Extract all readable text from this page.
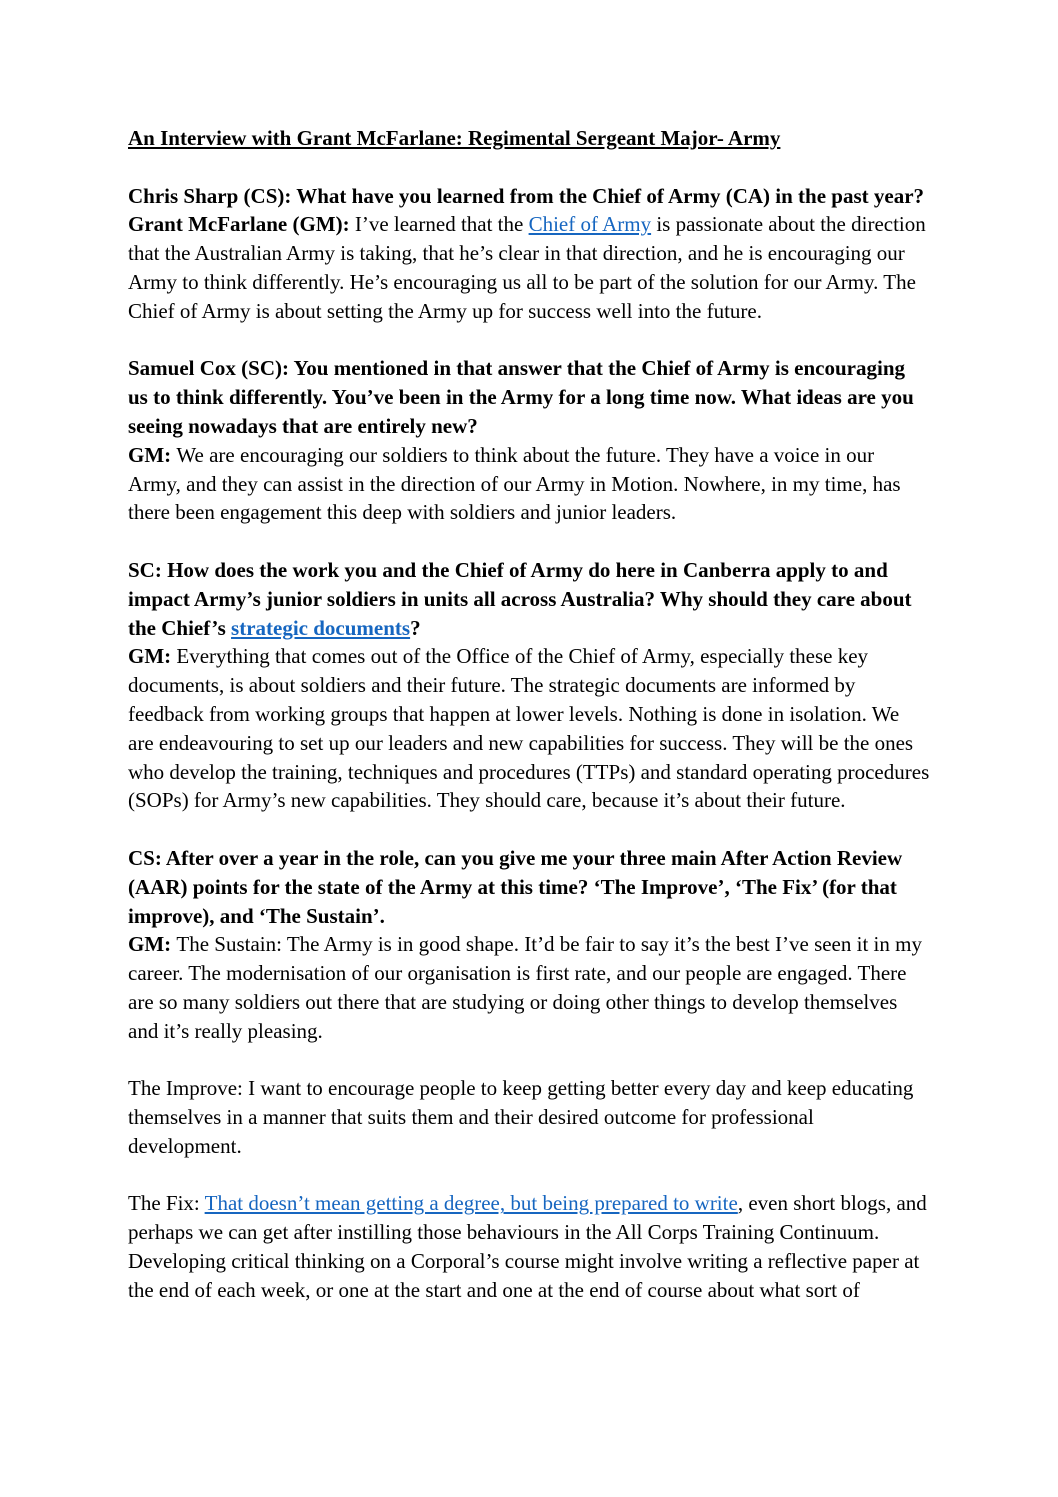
An Interview with Grant McFarlane: Regimental Sergeant Major- Army

Chris Sharp (CS): What have you learned from the Chief of Army (CA) in the past year?

Grant McFarlane (GM): I’ve learned that the Chief of Army is passionate about the direction that the Australian Army is taking, that he’s clear in that direction, and he is encouraging our Army to think differently. He’s encouraging us all to be part of the solution for our Army. The Chief of Army is about setting the Army up for success well into the future.

Samuel Cox (SC): You mentioned in that answer that the Chief of Army is encouraging us to think differently. You’ve been in the Army for a long time now. What ideas are you seeing nowadays that are entirely new?

GM: We are encouraging our soldiers to think about the future. They have a voice in our Army, and they can assist in the direction of our Army in Motion. Nowhere, in my time, has there been engagement this deep with soldiers and junior leaders.

SC: How does the work you and the Chief of Army do here in Canberra apply to and impact Army’s junior soldiers in units all across Australia? Why should they care about the Chief’s strategic documents?

GM: Everything that comes out of the Office of the Chief of Army, especially these key documents, is about soldiers and their future. The strategic documents are informed by feedback from working groups that happen at lower levels. Nothing is done in isolation. We are endeavouring to set up our leaders and new capabilities for success. They will be the ones who develop the training, techniques and procedures (TTPs) and standard operating procedures (SOPs) for Army’s new capabilities. They should care, because it’s about their future.

CS: After over a year in the role, can you give me your three main After Action Review (AAR) points for the state of the Army at this time? ‘The Improve’, ‘The Fix’ (for that improve), and ‘The Sustain’.

GM: The Sustain: The Army is in good shape. It’d be fair to say it’s the best I’ve seen it in my career. The modernisation of our organisation is first rate, and our people are engaged. There are so many soldiers out there that are studying or doing other things to develop themselves and it’s really pleasing.

The Improve: I want to encourage people to keep getting better every day and keep educating themselves in a manner that suits them and their desired outcome for professional development.

The Fix: That doesn’t mean getting a degree, but being prepared to write, even short blogs, and perhaps we can get after instilling those behaviours in the All Corps Training Continuum. Developing critical thinking on a Corporal’s course might involve writing a reflective paper at the end of each week, or one at the start and one at the end of course about what sort of
